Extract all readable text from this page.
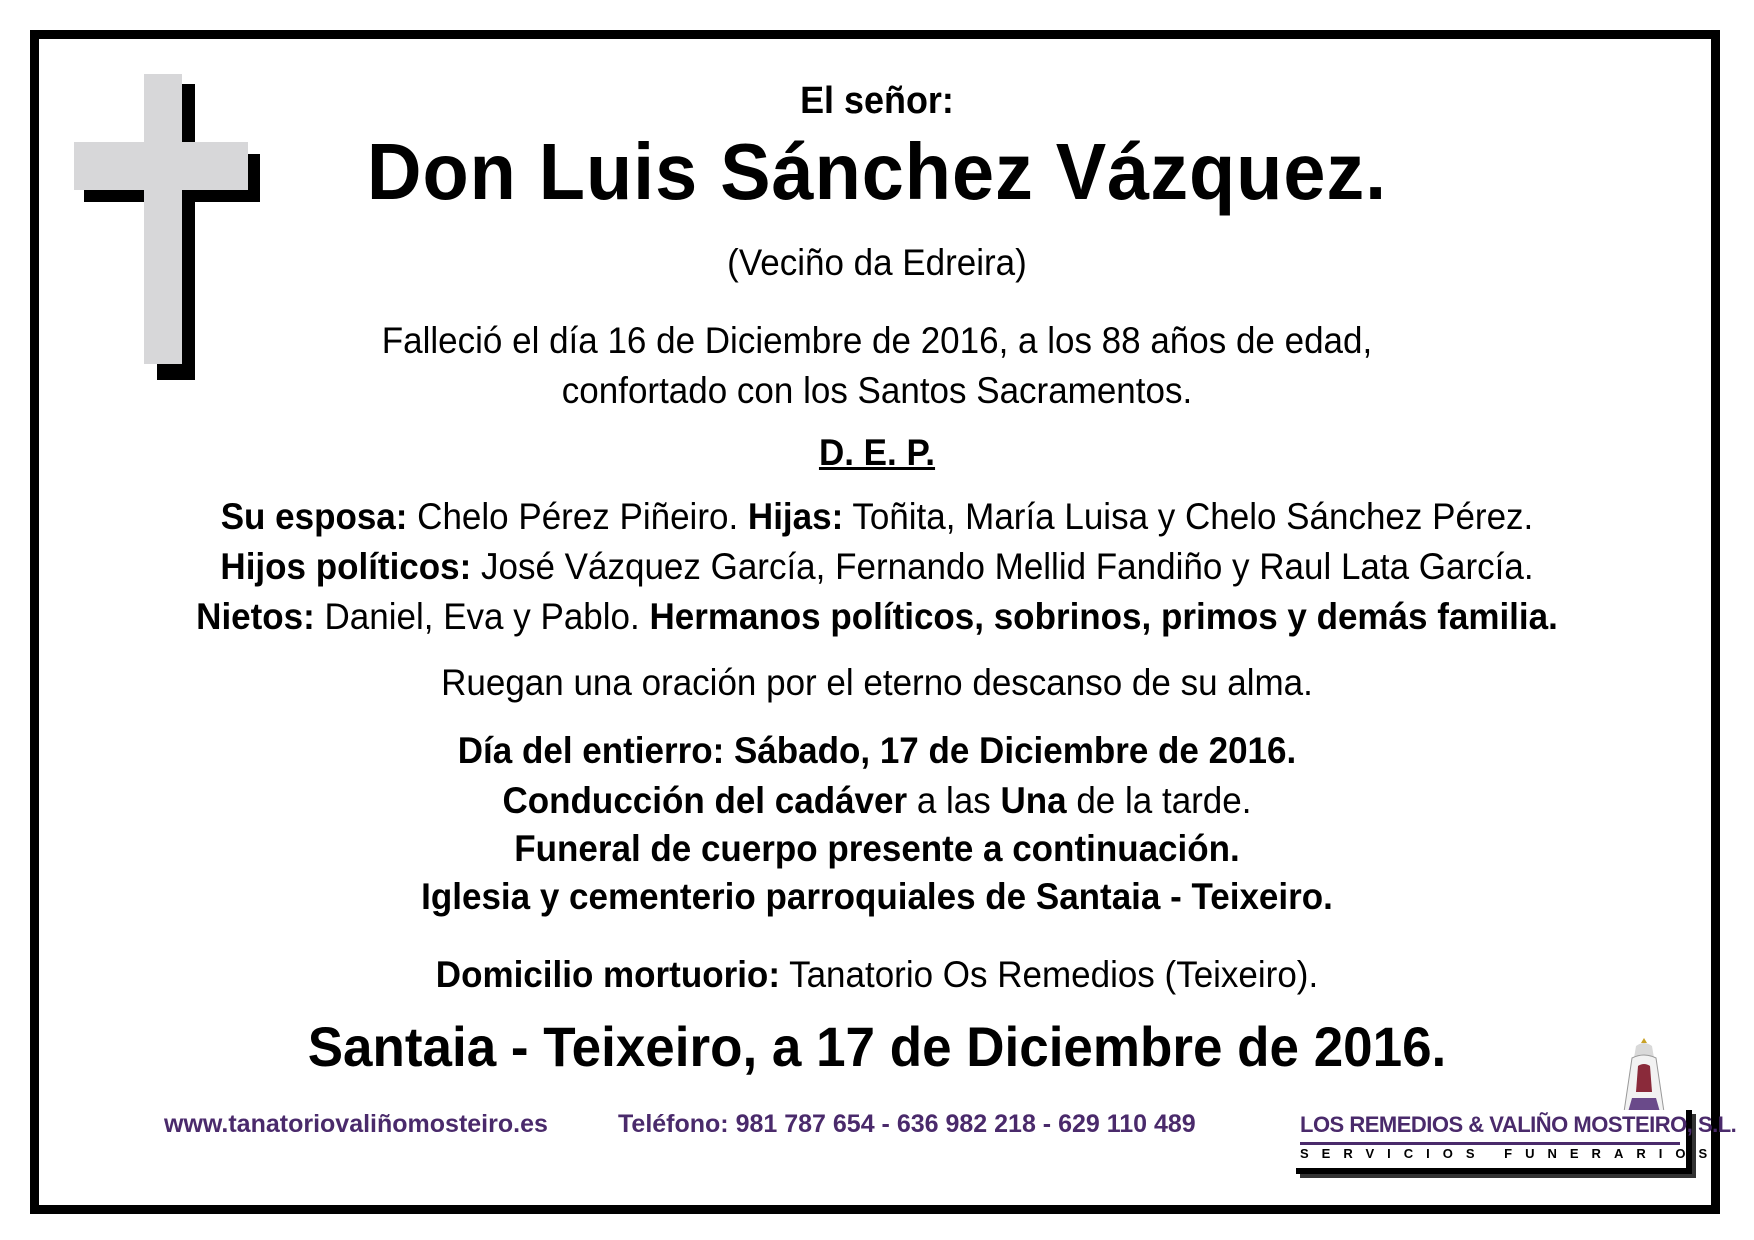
El señor:
Don Luis Sánchez Vázquez.
(Veciño da Edreira)
Falleció el día 16 de Diciembre de 2016, a los 88 años de edad,
confortado con los Santos Sacramentos.
D. E. P.
Su esposa: Chelo Pérez Piñeiro. Hijas: Toñita, María Luisa y Chelo Sánchez Pérez.
Hijos políticos: José Vázquez García, Fernando Mellid Fandiño y Raul Lata García.
Nietos: Daniel, Eva y Pablo. Hermanos políticos, sobrinos, primos y demás familia.
Ruegan una oración por el eterno descanso de su alma.
Día del entierro: Sábado, 17 de Diciembre de 2016.
Conducción del cadáver a las Una de la tarde.
Funeral de cuerpo presente a continuación.
Iglesia y cementerio parroquiales de Santaia - Teixeiro.
Domicilio mortuorio: Tanatorio Os Remedios (Teixeiro).
Santaia - Teixeiro, a 17 de Diciembre de 2016.
www.tanatoriovaliñomosteiro.es	Teléfono: 981 787 654 - 636 982 218 - 629 110 489	LOS REMEDIOS & VALIÑO MOSTEIRO, S.L.
SERVICIOS FUNERARIOS
